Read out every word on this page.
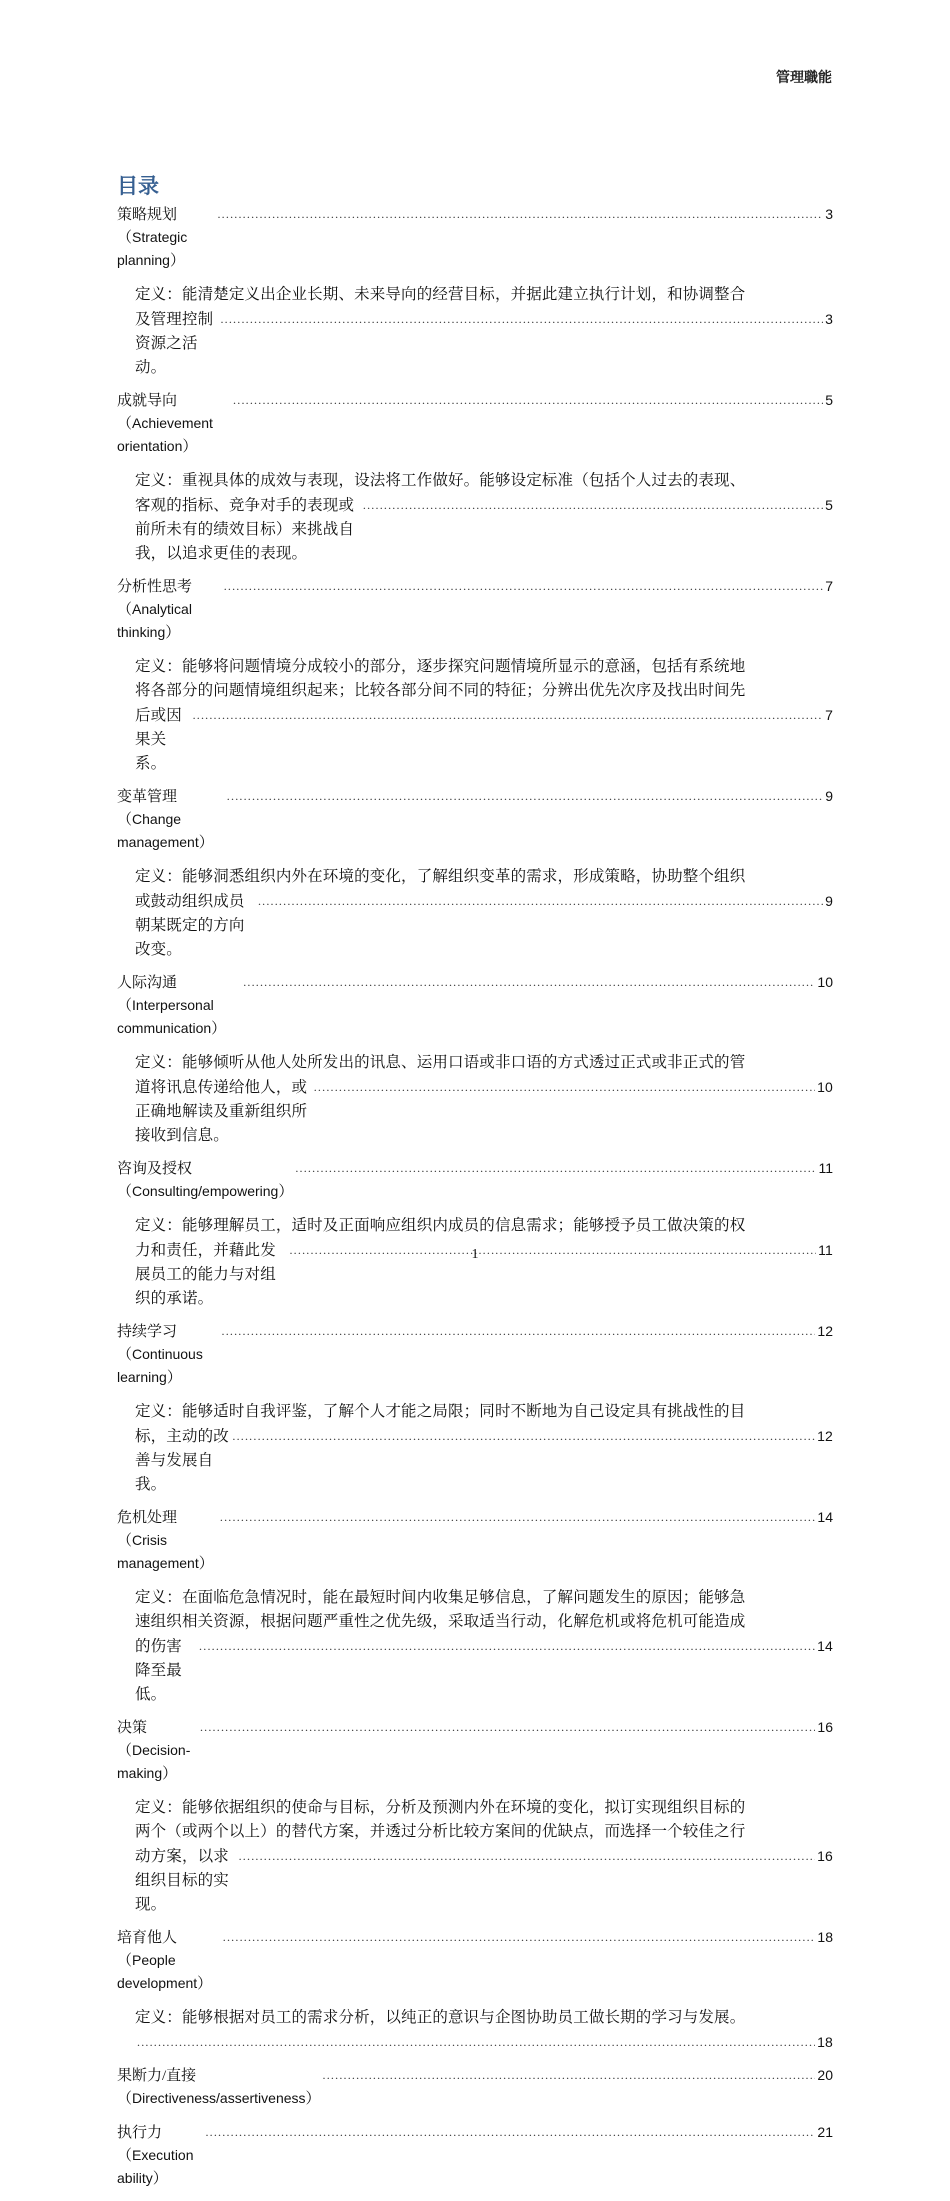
管理職能
目录
策略规划（Strategic planning）
.....
3
定义：能清楚定义出企业长期、未来导向的经营目标，并据此建立执行计划，和协调整合
及管理控制资源之活动。
.....
3
成就导向（Achievement orientation）
.....
5
定义：重视具体的成效与表现，设法将工作做好。能够设定标准（包括个人过去的表现、
客观的指标、竞争对手的表现或前所未有的绩效目标）来挑战自我，以追求更佳的表现。
.....
5
分析性思考（Analytical thinking）
.....
7
定义：能够将问题情境分成较小的部分，逐步探究问题情境所显示的意涵，包括有系统地
将各部分的问题情境组织起来；比较各部分间不同的特征；分辨出优先次序及找出时间先
后或因果关系。
.....
7
变革管理（Change management）
.....
9
定义：能够洞悉组织内外在环境的变化，了解组织变革的需求，形成策略，协助整个组织
或鼓动组织成员朝某既定的方向改变。
.....
9
人际沟通（Interpersonal communication）
.....
10
定义：能够倾听从他人处所发出的讯息、运用口语或非口语的方式透过正式或非正式的管
道将讯息传递给他人，或正确地解读及重新组织所接收到信息。
.....
10
咨询及授权（Consulting/empowering）
.....
11
定义：能够理解员工，适时及正面响应组织内成员的信息需求；能够授予员工做决策的权
力和责任，并藉此发展员工的能力与对组织的承诺。
.....
11
持续学习（Continuous learning）
.....
12
定义：能够适时自我评鉴，了解个人才能之局限；同时不断地为自己设定具有挑战性的目
标，主动的改善与发展自我。
.....
12
危机处理（Crisis management）
.....
14
定义：在面临危急情况时，能在最短时间内收集足够信息，了解问题发生的原因；能够急
速组织相关资源，根据问题严重性之优先级，采取适当行动，化解危机或将危机可能造成
的伤害降至最低。
.....
14
决策（Decision-making）
.....
16
定义：能够依据组织的使命与目标，分析及预测内外在环境的变化，拟订实现组织目标的
两个（或两个以上）的替代方案，并透过分析比较方案间的优缺点，而选择一个较佳之行
动方案，以求组织目标的实现。
.....
16
培育他人（People development）
.....
18
定义：能够根据对员工的需求分析，以纯正的意识与企图协助员工做长期的学习与发展。
.....
18
果断力/直接（Directiveness/assertiveness）
.....
20
执行力（Execution ability）
.....
21
1
